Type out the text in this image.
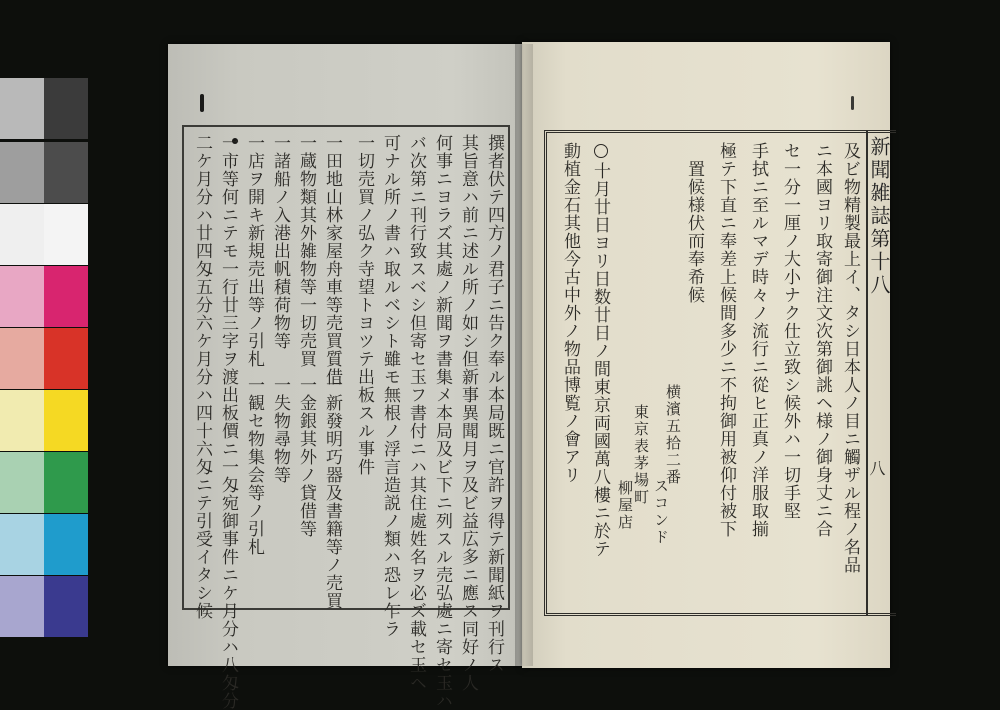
新聞雑誌第十八
八
及ビ物精製最上イ、タシ日本人ノ目ニ觸ザル程ノ名品
ニ本國ヨリ取寄御注文次第御誂ヘ様ノ御身丈ニ合
セ一分一厘ノ大小ナク仕立致シ候外ハ一切手堅
手拭ニ至ルマデ時々ノ流行ニ從ヒ正真ノ洋服取揃
極テ下直ニ奉差上候間多少ニ不拘御用被仰付被下
置候様伏而奉希候
横濱五拾二番
スコンド
東京表茅場町
柳屋店
十月廿日ヨリ日数廿日ノ間東京両國萬八樓ニ於テ
動植金石其他今古中外ノ物品博覧ノ會アリ
撰者伏テ四方ノ君子ニ告ク奉ル本局既ニ官許ヲ得テ新聞紙ヲ刊行ス
其旨意ハ前ニ述ル所ノ如シ但新事異聞月ヲ及ビ益広多ニ應ス同好ノ人
何事ニヨラズ其處ノ新聞ヲ書集メ本局及ビ下ニ列スル売弘處ニ寄セ玉ハ
バ次第ニ刊行致スベシ但寄セ玉フ書付ニハ其住處姓名ヲ必ズ載セ玉ヘ
可ナル所ノ書ハ取ルベシト雖モ無根ノ浮言造説ノ類ハ恐レ乍ラ
一切売買ノ弘ク寺望トヨツテ出板スル事件
一田地山林家屋舟車等売買質借
一蔵物類其外雑物等一切売買
一諸船ノ入港出帆積荷物等
一店ヲ開キ新規売出等ノ引札
一新發明巧器及書籍等ノ売買
一金銀其外ノ貸借等
一失物尋物等
一観セ物集会等ノ引札
一市等何ニテモ一行廿三字ヲ渡出板價ニ一匁宛御事件ニケ月分ハ八匁分
二ケ月分ハ廿四匁五分六ケ月分ハ四十六匁ニテ引受イタシ候
